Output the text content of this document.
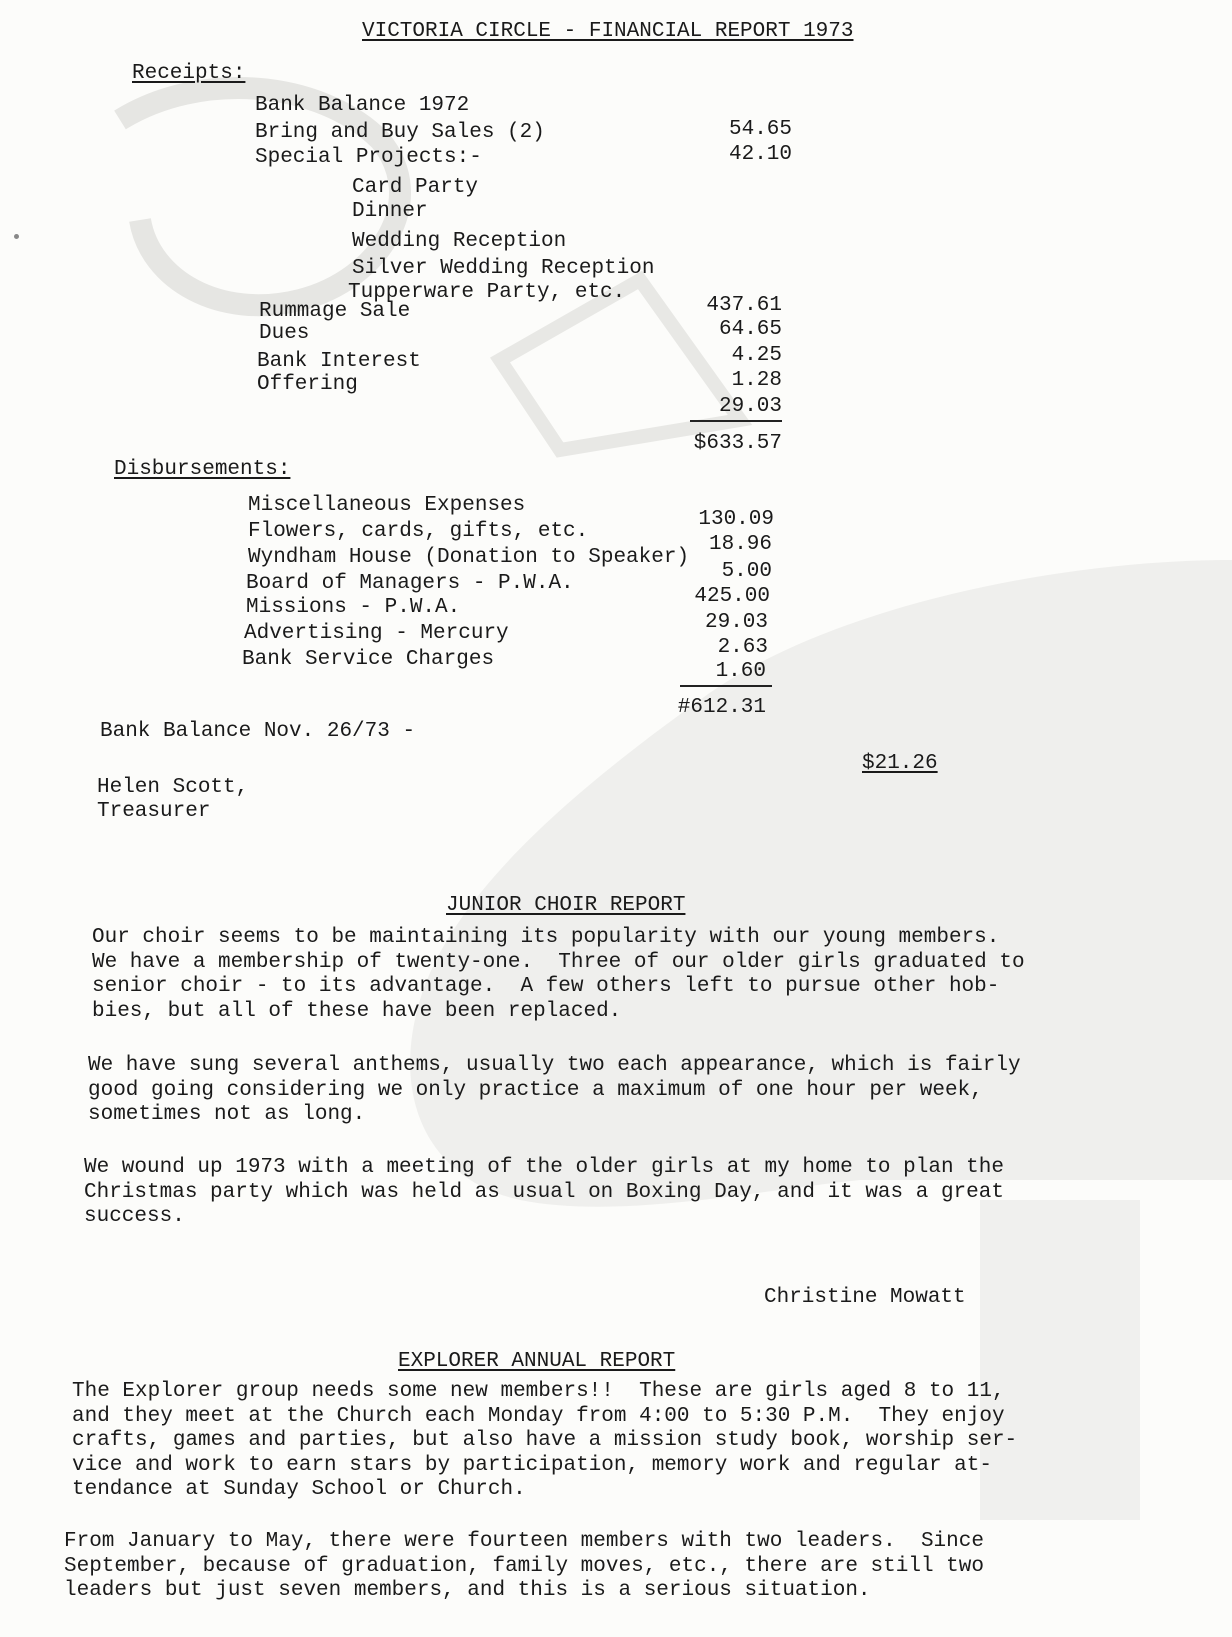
VICTORIA CIRCLE - FINANCIAL REPORT 1973
Receipts:
Bank Balance 1972
Bring and Buy Sales (2)
Special Projects:-
Card Party
Dinner
Wedding Reception
Silver Wedding Reception
Tupperware Party, etc.
Rummage Sale
Dues
Bank Interest
Offering
54.65
42.10
437.61
64.65
4.25
1.28
29.03
$633.57
Disbursements:
Miscellaneous Expenses
Flowers, cards, gifts, etc.
Wyndham House (Donation to Speaker)
Board of Managers - P.W.A.
Missions - P.W.A.
Advertising - Mercury
Bank Service Charges
130.09
18.96
5.00
425.00
29.03
2.63
1.60
#612.31
Bank Balance Nov. 26/73 -
$21.26
Helen Scott,
Treasurer
JUNIOR CHOIR REPORT
Our choir seems to be maintaining its popularity with our young members.
We have a membership of twenty-one.  Three of our older girls graduated to
senior choir - to its advantage.  A few others left to pursue other hob-
bies, but all of these have been replaced.
We have sung several anthems, usually two each appearance, which is fairly
good going considering we only practice a maximum of one hour per week,
sometimes not as long.
We wound up 1973 with a meeting of the older girls at my home to plan the
Christmas party which was held as usual on Boxing Day, and it was a great
success.
Christine Mowatt
EXPLORER ANNUAL REPORT
The Explorer group needs some new members!!  These are girls aged 8 to 11,
and they meet at the Church each Monday from 4:00 to 5:30 P.M.  They enjoy
crafts, games and parties, but also have a mission study book, worship ser-
vice and work to earn stars by participation, memory work and regular at-
tendance at Sunday School or Church.
From January to May, there were fourteen members with two leaders.  Since
September, because of graduation, family moves, etc., there are still two
leaders but just seven members, and this is a serious situation.
